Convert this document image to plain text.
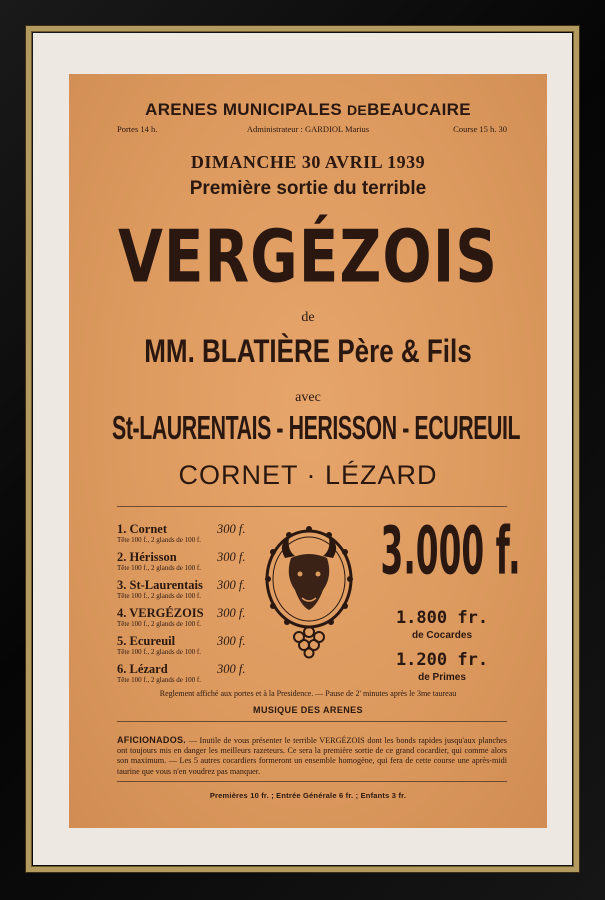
ARENES MUNICIPALES DEBEAUCAIRE
Portes 14 h.	Administrateur : GARDIOL Marius	Course 15 h. 30
DIMANCHE 30 AVRIL 1939
Première sortie du terrible
VERGÉZOIS
de
MM. BLATIÈRE Père & Fils
avec
St-LAURENTAIS - HERISSON - ECUREUIL
CORNET · LÉZARD
1. Cornet	300 f.
Tête 100 f., 2 glands de 100 f.
2. Hérisson	300 f.
Tête 100 f., 2 glands de 100 f.
3. St-Laurentais 300 f.
Tête 100 f., 2 glands de 100 f.
4. VERGÉZOIS 300 f.
Tête 100 f., 2 glands de 100 f.
5. Ecureuil	300 f.
Tête 100 f., 2 glands de 100 f.
6. Lézard	300 f.
Tête 100 f., 2 glands de 100 f.
3.000 f.
1.800 fr.
de Cocardes
1.200 fr.
de Primes
Reglement affiché aux portes et à la Presidence. — Pause de 2' minutes après le 3me taureau
MUSIQUE DES ARENES
AFICIONADOS. — Inutile de vous présenter le terrible VERGÉZOIS dont les bonds rapides jusqu'aux planches ont toujours mis en danger les meilleurs razeteurs. Ce sera la première sortie de ce grand cocardier, qui comme alors son maximum. — Les 5 autres cocardiers formeront un ensemble homogène, qui fera de cette course une après-midi taurine que vous n'en voudrez pas manquer.
Premières 10 fr. ; Entrée Générale 6 fr. ; Enfants 3 fr.
